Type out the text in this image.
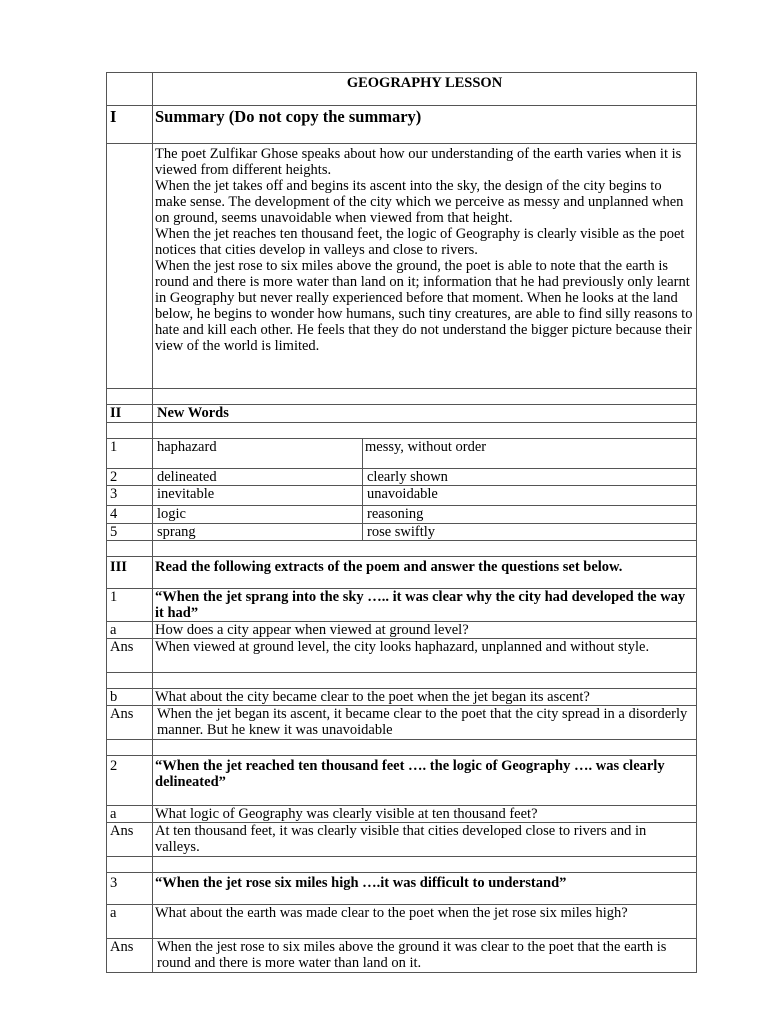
	GEOGRAPHY LESSON	
I	Summary (Do not copy the summary)	

	The poet Zulfikar Ghose speaks about how our understanding of the earth varies when it is viewed from different heights.
When the jet takes off and begins its ascent into the sky, the design of the city begins to make sense. The development of the city which we perceive as messy and unplanned when on ground, seems unavoidable when viewed from that height.
When the jet reaches ten thousand feet, the logic of Geography is clearly visible as the poet notices that cities develop in valleys and close to rivers.
When the jest rose to six miles above the ground, the poet is able to note that the earth is round and there is more water than land on it; information that he had previously only learnt in Geography but never really experienced before that moment. When he looks at the land below, he begins to wonder how humans, such tiny creatures, are able to find silly reasons to hate and kill each other. He feels that they do not understand the bigger picture because their view of the world is limited.	

II	New Words	

1	haphazard	messy, without order
2	delineated	clearly shown
3	inevitable	unavoidable
4	logic	reasoning
5	sprang	rose swiftly

III	Read the following extracts of the poem and answer the questions set below.	
1	“When the jet sprang into the sky ….. it was clear why the city had developed the way it had”	
a	How does a city appear when viewed at ground level?	
Ans	When viewed at ground level, the city looks haphazard, unplanned and without style.	

b	What about the city became clear to the poet when the jet began its ascent?	
Ans	When the jet began its ascent, it became clear to the poet that the city spread in a disorderly manner. But he knew it was unavoidable	

2	“When the jet reached ten thousand feet …. the logic of Geography …. was clearly delineated”	
a	What logic of Geography was clearly visible at ten thousand feet?	
Ans	At ten thousand feet, it was clearly visible that cities developed close to rivers and in valleys.	

3	“When the jet rose six miles high ….it was difficult to understand”	
a	What about the earth was made clear to the poet when the jet rose six miles high?	
Ans	When the jest rose to six miles above the ground it was clear to the poet that the earth is round and there is more water than land on it.	
